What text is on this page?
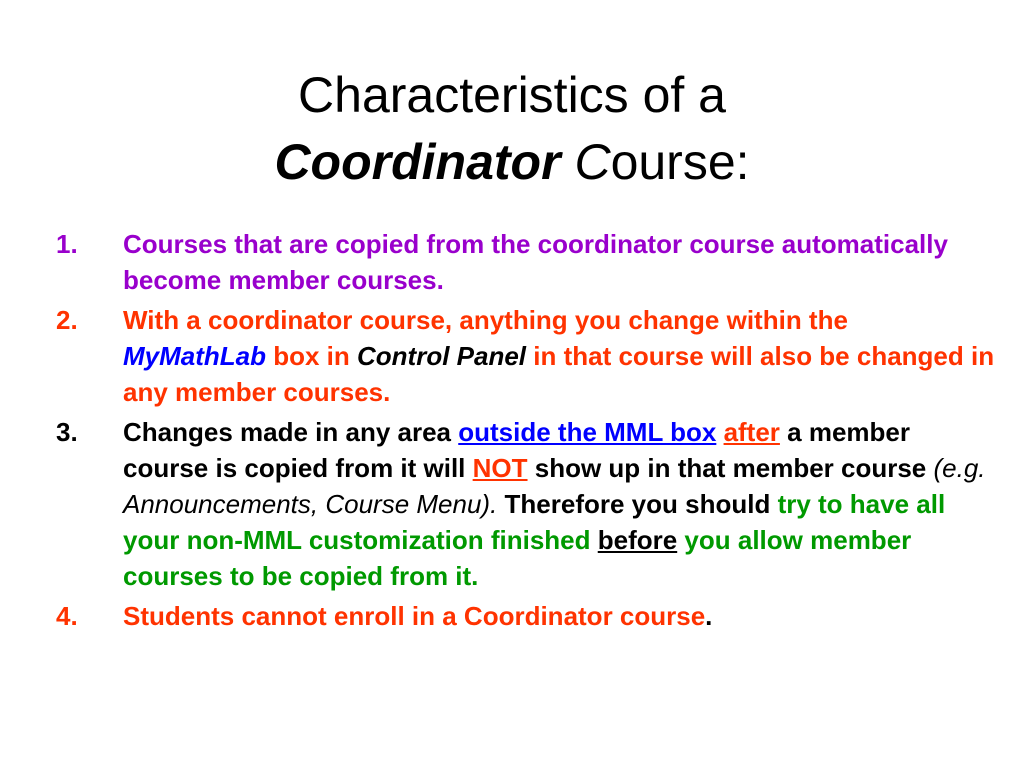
Characteristics of a
Coordinator Course:
1. Courses that are copied from the coordinator course automatically become member courses.
2. With a coordinator course, anything you change within the MyMathLab box in Control Panel in that course will also be changed in any member courses.
3. Changes made in any area outside the MML box after a member course is copied from it will NOT show up in that member course (e.g. Announcements, Course Menu). Therefore you should try to have all your non-MML customization finished before you allow member courses to be copied from it.
4. Students cannot enroll in a Coordinator course.
